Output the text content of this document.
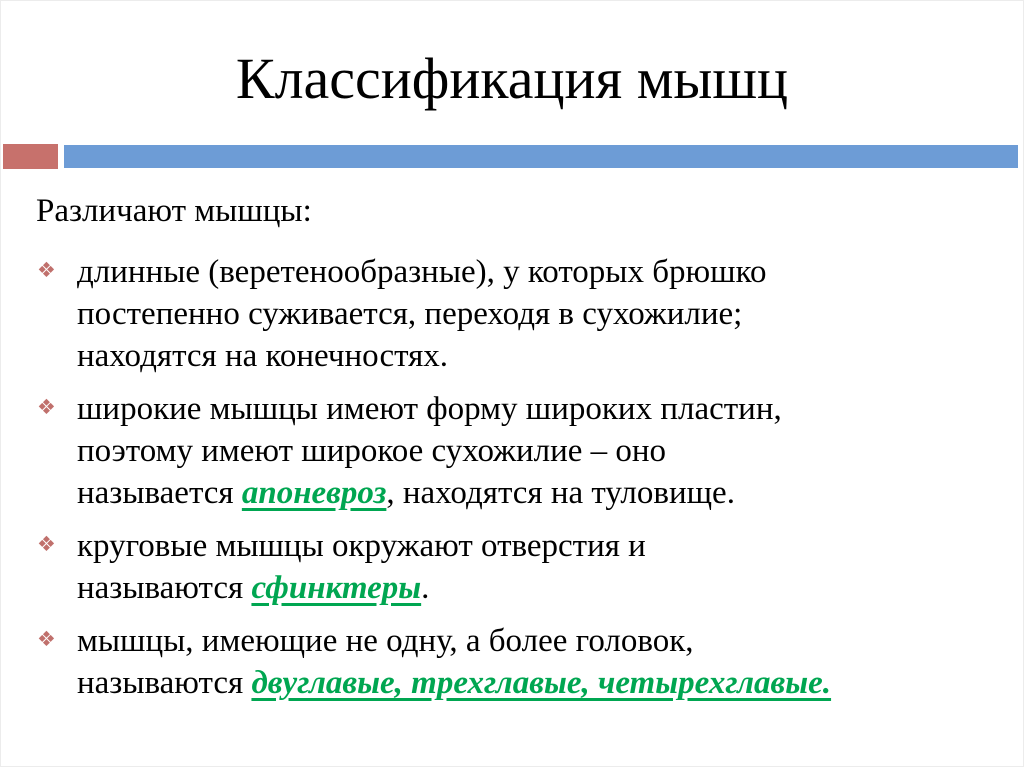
Классификация мышц

Различают мышцы:

❖ длинные (веретенообразные), у которых брюшко
постепенно суживается, переходя в сухожилие;
находятся на конечностях.
❖ широкие мышцы имеют форму широких пластин,
поэтому имеют широкое сухожилие – оно
называется апоневроз, находятся на туловище.
❖ круговые мышцы окружают отверстия и
называются сфинктеры.
❖ мышцы, имеющие не одну, а более головок,
называются двуглавые, трехглавые, четырехглавые.
